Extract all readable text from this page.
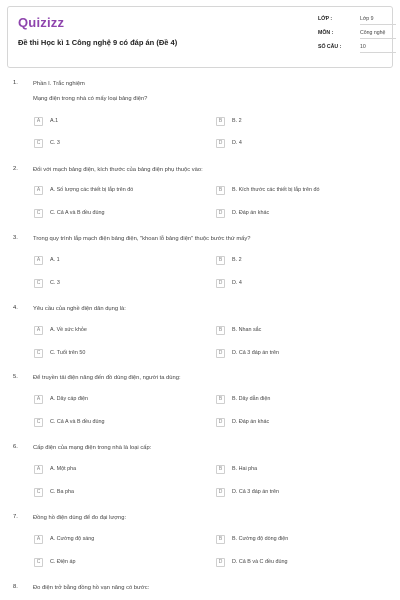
Quizizz
Đề thi Học kì 1 Công nghệ 9 có đáp án (Đề 4)
LỚP :	Lớp 9
MÔN :	Công nghệ
SỐ CÂU :	10
1.	Phần I. Trắc nghiệm
Mạng điện trong nhà có mấy loại bảng điện?
A	A.1	B	B. 2
C	C. 3	D	D. 4
2.	Đối với mạch bảng điện, kích thước của bảng điện phụ thuộc vào:
A	A. Số lượng các thiết bị lắp trên đó	B	B. Kích thước các thiết bị lắp trên đó
C	C. Cả A và B đều đúng	D	D. Đáp án khác
3.	Trong quy trình lắp mạch điện bảng điện, "khoan lỗ bảng điện" thuộc bước thứ mấy?
A	A. 1	B	B. 2
C	C. 3	D	D. 4
4.	Yêu cầu của nghề điện dân dụng là:
A	A. Về sức khỏe	B	B. Nhan sắc
C	C. Tuổi trên 50	D	D. Cả 3 đáp án trên
5.	Để truyền tải điện năng đến đồ dùng điện, người ta dùng:
A	A. Dây cáp điện	B	B. Dây dẫn điện
C	C. Cả A và B đều đúng	D	D. Đáp án khác
6.	Cấp điện của mạng điện trong nhà là loại cấp:
A	A. Một pha	B	B. Hai pha
C	C. Ba pha	D	D. Cả 3 đáp án trên
7.	Đồng hồ điện dùng để đo đại lượng:
A	A. Cường độ sáng	B	B. Cường độ dòng điện
C	C. Điện áp	D	D. Cả B và C đều đúng
8.	Đo điện trở bằng đồng hồ vạn năng có bước:
